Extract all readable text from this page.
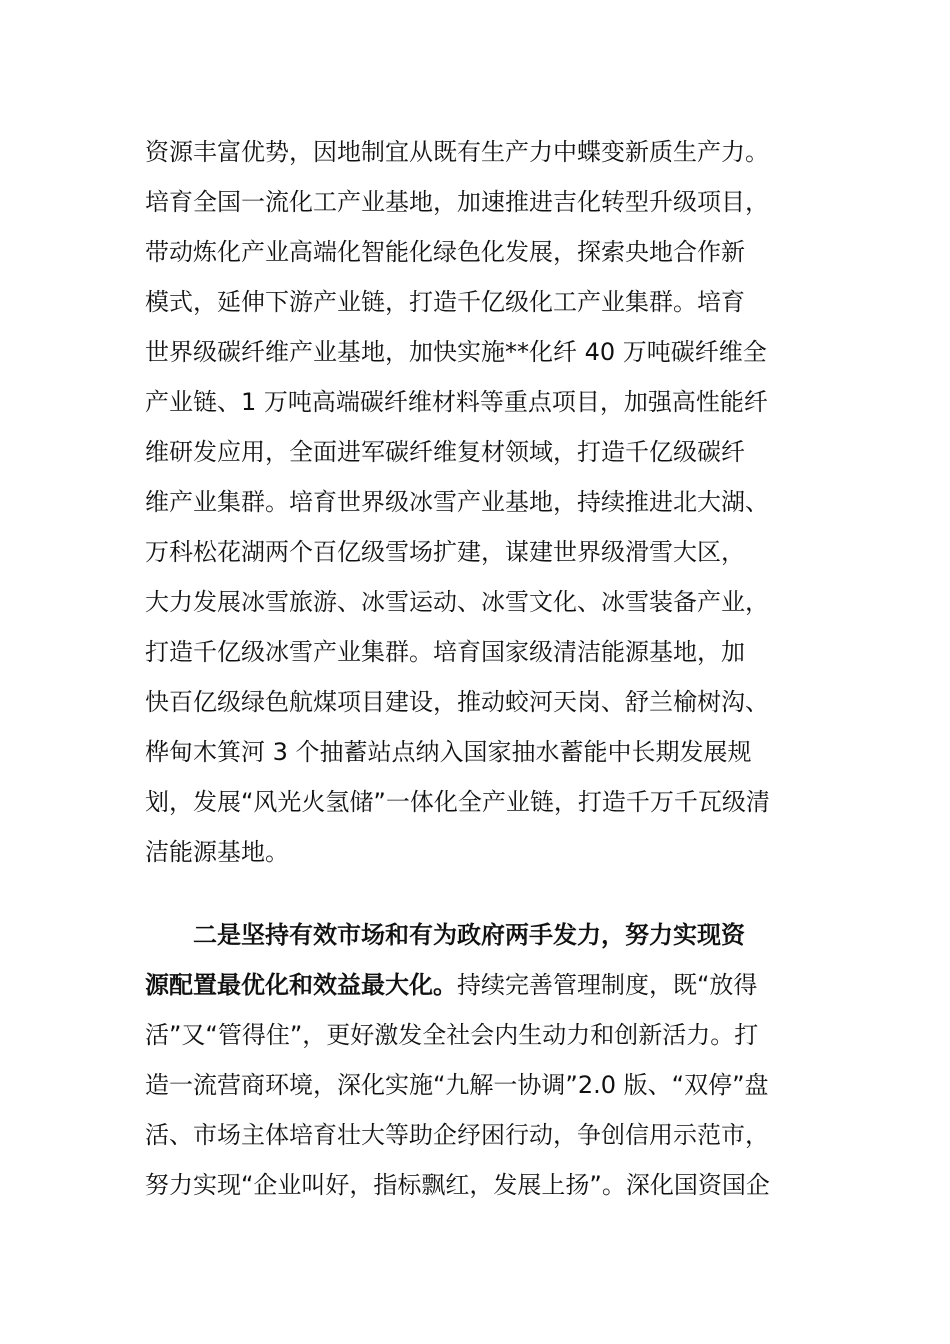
资源丰富优势，因地制宜从既有生产力中蝶变新质生产力。
培育全国一流化工产业基地，加速推进吉化转型升级项目，
带动炼化产业高端化智能化绿色化发展，探索央地合作新
模式，延伸下游产业链，打造千亿级化工产业集群。培育
世界级碳纤维产业基地，加快实施**化纤 40 万吨碳纤维全
产业链、1 万吨高端碳纤维材料等重点项目，加强高性能纤
维研发应用，全面进军碳纤维复材领域，打造千亿级碳纤
维产业集群。培育世界级冰雪产业基地，持续推进北大湖、
万科松花湖两个百亿级雪场扩建，谋建世界级滑雪大区，
大力发展冰雪旅游、冰雪运动、冰雪文化、冰雪装备产业，
打造千亿级冰雪产业集群。培育国家级清洁能源基地，加
快百亿级绿色航煤项目建设，推动蛟河天岗、舒兰榆树沟、
桦甸木箕河 3 个抽蓄站点纳入国家抽水蓄能中长期发展规
划，发展“风光火氢储”一体化全产业链，打造千万千瓦级清
洁能源基地。
二是坚持有效市场和有为政府两手发力，努力实现资
源配置最优化和效益最大化。持续完善管理制度，既“放得
活”又“管得住”，更好激发全社会内生动力和创新活力。打
造一流营商环境，深化实施“九解一协调”2.0 版、“双停”盘
活、市场主体培育壮大等助企纾困行动，争创信用示范市，
努力实现“企业叫好，指标飘红，发展上扬”。深化国资国企
